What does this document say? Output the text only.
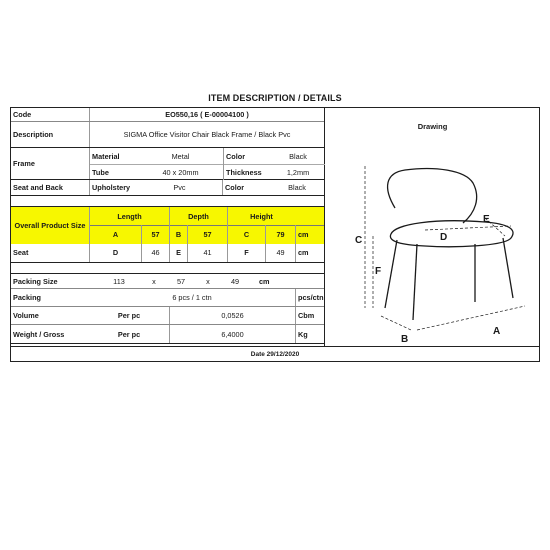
ITEM DESCRIPTION / DETAILS
Drawing
Code	EO550,16 ( E-00004100 )
Description	SIGMA Office Visitor Chair Black Frame / Black Pvc
Frame
Material	Metal	Color	Black
Tube	40 x 20mm	Thickness	1,2mm
Seat and Back	Upholstery	Pvc	Color	Black
Overall Product Size
Length	Depth	Height
A	57	B	57	C	79	cm
Seat	D	46	E	41	F	49	cm
Packing Size	113	x	57	x	49	cm
Packing	6 pcs / 1 ctn	pcs/ctn
Volume	Per pc	0,0526	Cbm
Weight / Gross	Per pc	6,4000	Kg
C
F
D
E
B
A
Date 29/12/2020
